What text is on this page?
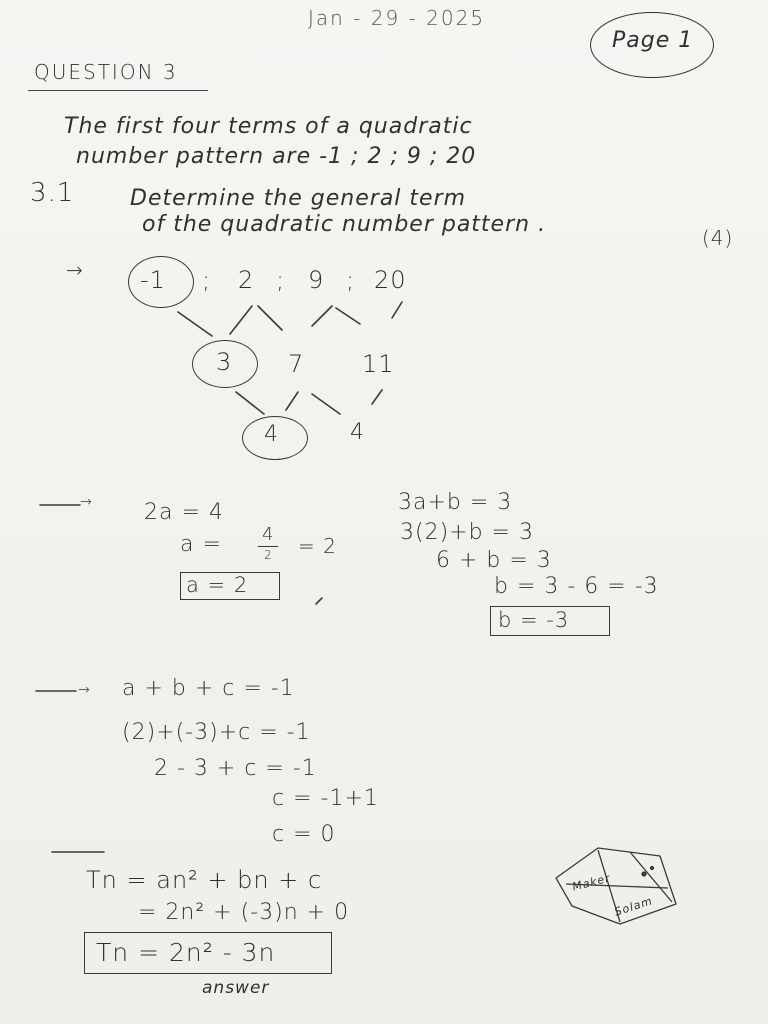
Jan - 29 - 2025
Page 1
QUESTION 3
The first four terms of a quadratic
number pattern are -1 ; 2 ; 9 ; 20
3.1	Determine the general term
of the quadratic number pattern .
(4)
→ -1 ; 2 ; 9 ; 20
3 7 11
4	4
→ 2a = 4
a = 4
2 = 2
a = 2
3a+b = 3
3(2)+b = 3
6 + b = 3
b = 3 - 6 = -3
b = -3
→ a + b + c = -1
(2)+(-3)+c = -1
2 - 3 + c = -1
c = -1+1
c = 0
Tn = an² + bn + c
= 2n² + (-3)n + 0
Tn = 2n² - 3n
answer
Maker
Solam
